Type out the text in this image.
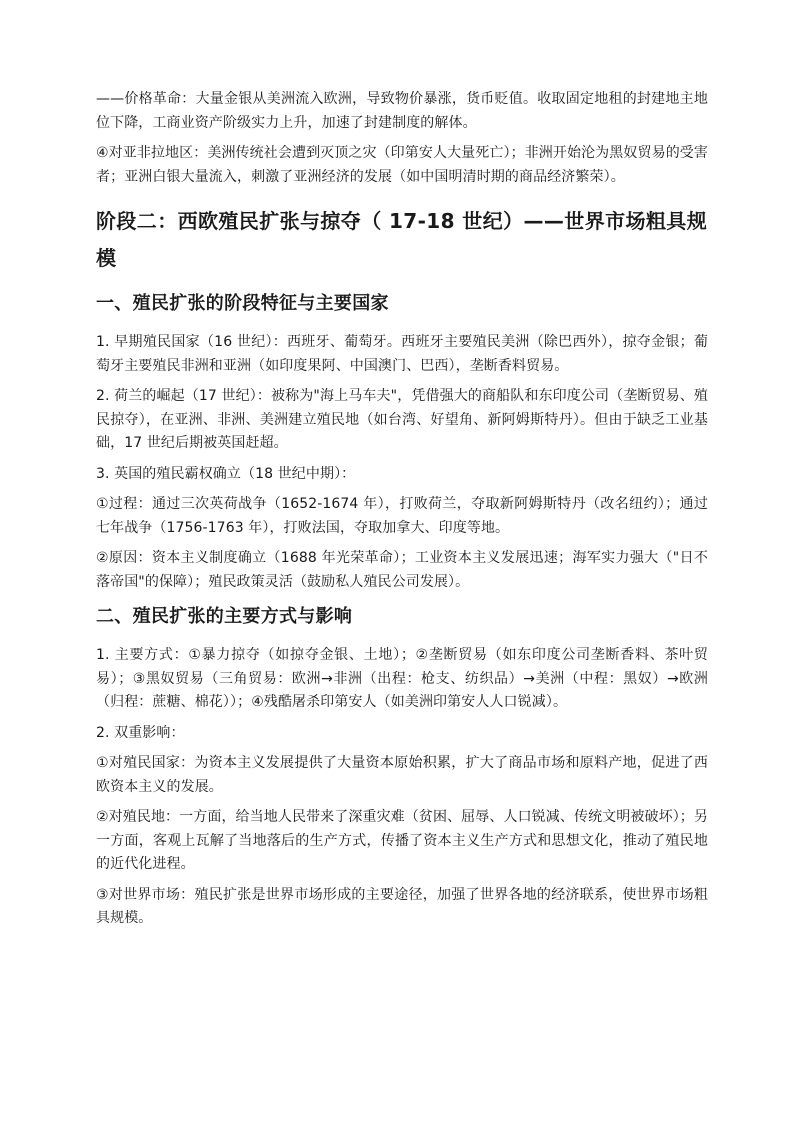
——价格革命：大量金银从美洲流入欧洲，导致物价暴涨，货币贬值。收取固定地租的封建地主地位下降，工商业资产阶级实力上升，加速了封建制度的解体。

④对亚非拉地区：美洲传统社会遭到灭顶之灾（印第安人大量死亡）；非洲开始沦为黑奴贸易的受害者；亚洲白银大量流入，刺激了亚洲经济的发展（如中国明清时期的商品经济繁荣）。

阶段二：西欧殖民扩张与掠夺（ 17-18 世纪）——世界市场粗具规模
一、殖民扩张的阶段特征与主要国家

1. 早期殖民国家（16 世纪）：西班牙、葡萄牙。西班牙主要殖民美洲（除巴西外），掠夺金银；葡萄牙主要殖民非洲和亚洲（如印度果阿、中国澳门、巴西），垄断香料贸易。

2. 荷兰的崛起（17 世纪）：被称为"海上马车夫"，凭借强大的商船队和东印度公司（垄断贸易、殖民掠夺），在亚洲、非洲、美洲建立殖民地（如台湾、好望角、新阿姆斯特丹）。但由于缺乏工业基础，17 世纪后期被英国赶超。

3. 英国的殖民霸权确立（18 世纪中期）：

①过程：通过三次英荷战争（1652-1674 年），打败荷兰，夺取新阿姆斯特丹（改名纽约）；通过七年战争（1756-1763 年），打败法国，夺取加拿大、印度等地。

②原因：资本主义制度确立（1688 年光荣革命）；工业资本主义发展迅速；海军实力强大（"日不落帝国"的保障）；殖民政策灵活（鼓励私人殖民公司发展）。

二、殖民扩张的主要方式与影响

1. 主要方式：①暴力掠夺（如掠夺金银、土地）；②垄断贸易（如东印度公司垄断香料、茶叶贸易）；③黑奴贸易（三角贸易：欧洲→非洲（出程：枪支、纺织品）→美洲（中程：黑奴）→欧洲（归程：蔗糖、棉花））；④残酷屠杀印第安人（如美洲印第安人人口锐减）。

2. 双重影响：

①对殖民国家：为资本主义发展提供了大量资本原始积累，扩大了商品市场和原料产地，促进了西欧资本主义的发展。

②对殖民地：一方面，给当地人民带来了深重灾难（贫困、屈辱、人口锐减、传统文明被破坏）；另一方面，客观上瓦解了当地落后的生产方式，传播了资本主义生产方式和思想文化，推动了殖民地的近代化进程。

③对世界市场：殖民扩张是世界市场形成的主要途径，加强了世界各地的经济联系，使世界市场粗具规模。
